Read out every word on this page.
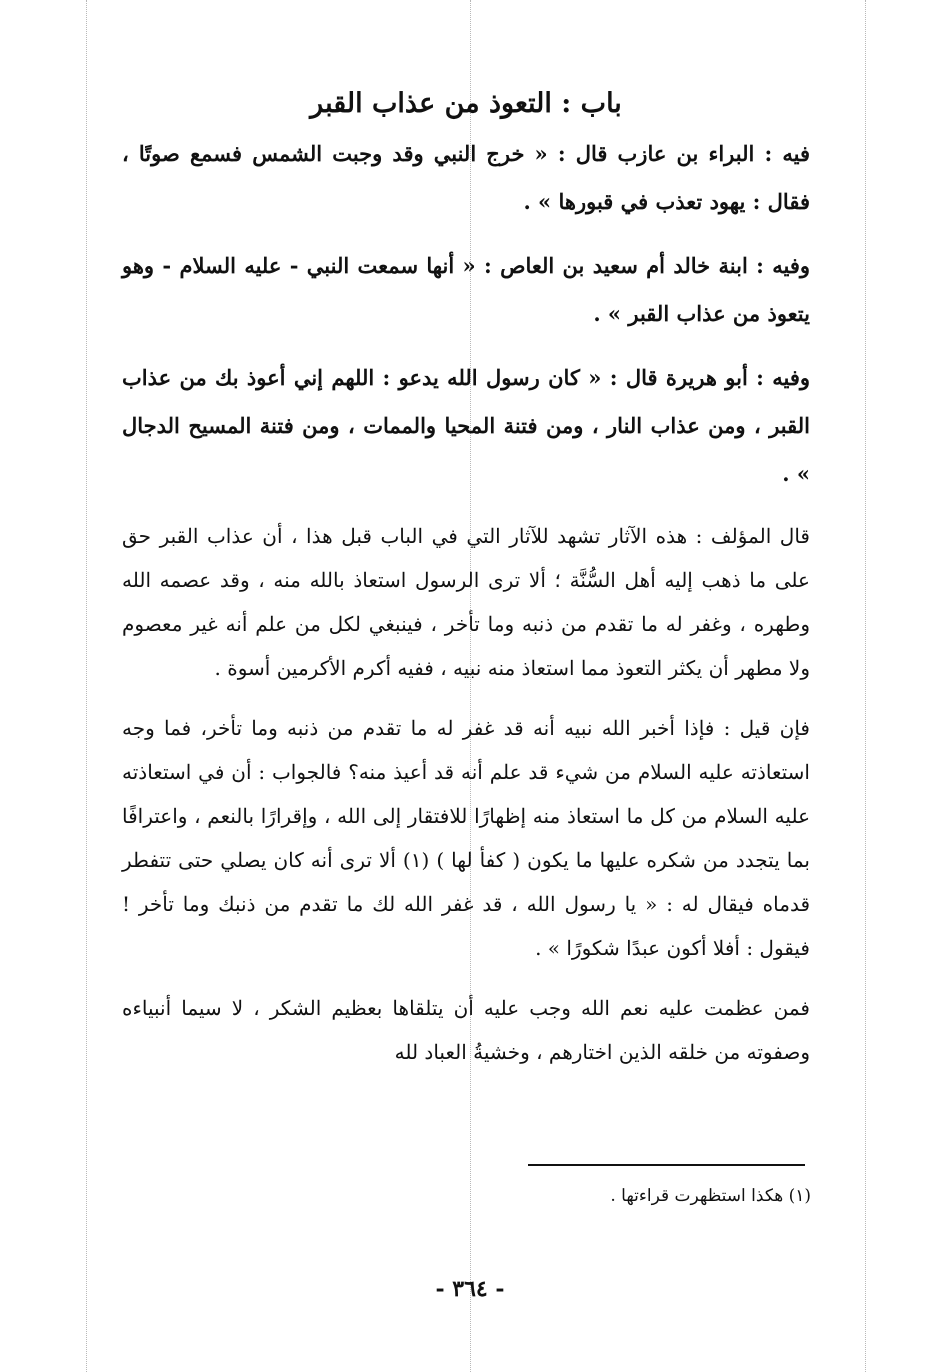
باب : التعوذ من عذاب القبر

فيه : البراء بن عازب قال : « خرج النبي وقد وجبت الشمس فسمع صوتًا ، فقال : يهود تعذب في قبورها » .

وفيه : ابنة خالد أم سعيد بن العاص : « أنها سمعت النبي - عليه السلام - وهو يتعوذ من عذاب القبر » .

وفيه : أبو هريرة قال : « كان رسول الله يدعو : اللهم إني أعوذ بك من عذاب القبر ، ومن عذاب النار ، ومن فتنة المحيا والممات ، ومن فتنة المسيح الدجال » .

قال المؤلف : هذه الآثار تشهد للآثار التي في الباب قبل هذا ، أن عذاب القبر حق على ما ذهب إليه أهل السُّنَّة ؛ ألا ترى الرسول استعاذ بالله منه ، وقد عصمه الله وطهره ، وغفر له ما تقدم من ذنبه وما تأخر ، فينبغي لكل من علم أنه غير معصوم ولا مطهر أن يكثر التعوذ مما استعاذ منه نبيه ، ففيه أكرم الأكرمين أسوة .

فإن قيل : فإذا أخبر الله نبيه أنه قد غفر له ما تقدم من ذنبه وما تأخر، فما وجه استعاذته عليه السلام من شيء قد علم أنه قد أعيذ منه؟ فالجواب : أن في استعاذته عليه السلام من كل ما استعاذ منه إظهارًا للافتقار إلى الله ، وإقرارًا بالنعم ، واعترافًا بما يتجدد من شكره عليها ما يكون ( كفأ لها ) (١) ألا ترى أنه كان يصلي حتى تتفطر قدماه فيقال له : « يا رسول الله ، قد غفر الله لك ما تقدم من ذنبك وما تأخر ! فيقول : أفلا أكون عبدًا شكورًا » .

فمن عظمت عليه نعم الله وجب عليه أن يتلقاها بعظيم الشكر ، لا سيما أنبياءه وصفوته من خلقه الذين اختارهم ، وخشيةُ العباد لله

(١) هكذا استظهرت قراءتها .
- ٣٦٤ -
